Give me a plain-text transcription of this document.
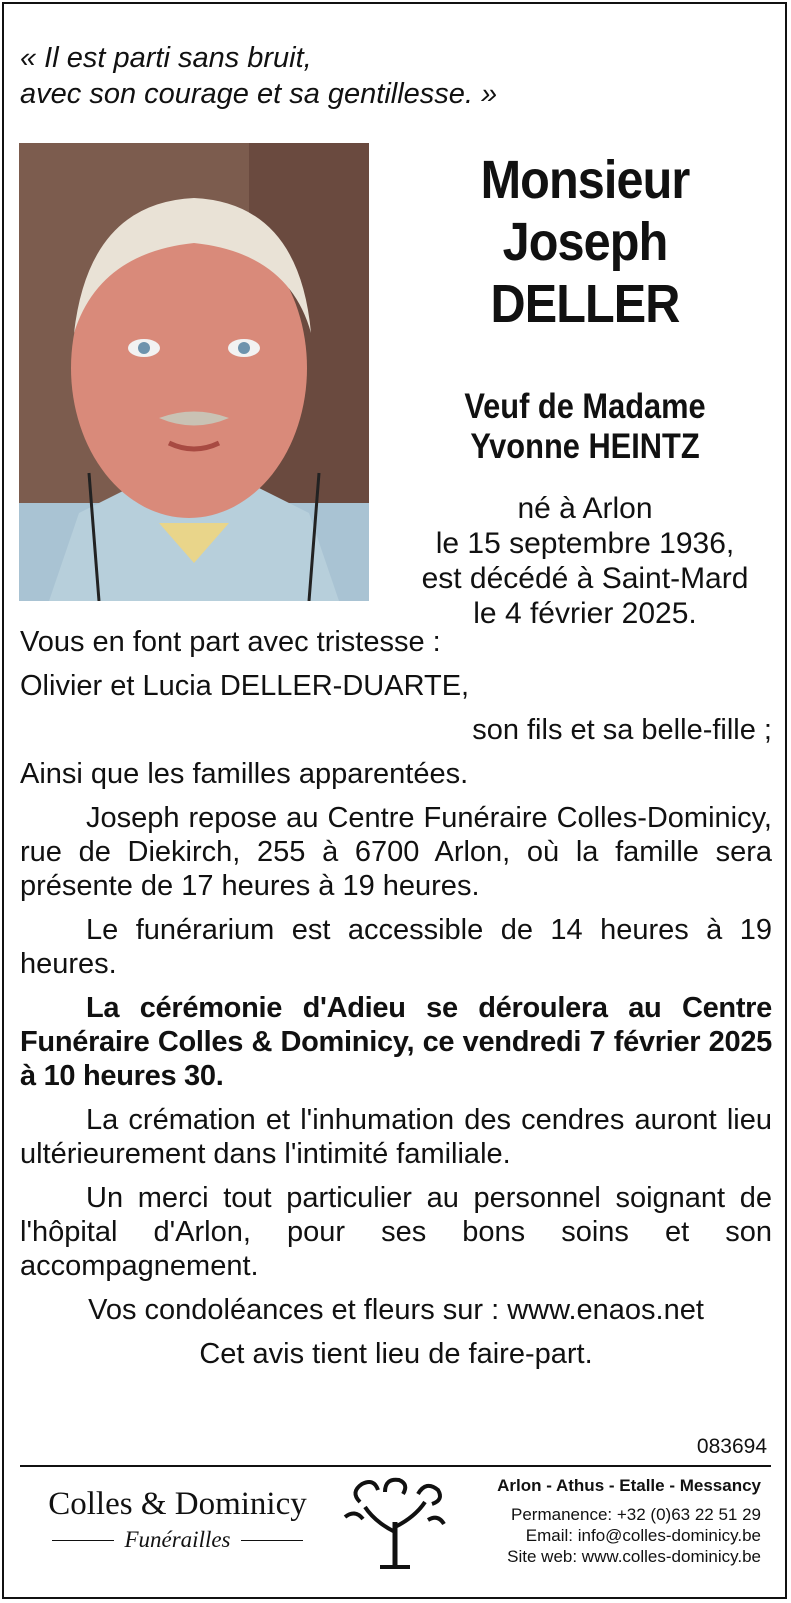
« Il est parti sans bruit,
avec son courage et sa gentillesse. »
Monsieur
Joseph DELLER
Veuf de Madame
Yvonne HEINTZ
né à Arlon
le 15 septembre 1936,
est décédé à Saint-Mard
le 4 février 2025.

Vous en font part avec tristesse :

Olivier et Lucia DELLER-DUARTE,

son fils et sa belle-fille ;

Ainsi que les familles apparentées.

Joseph repose au Centre Funéraire Colles-Dominicy, rue de Diekirch, 255 à 6700 Arlon, où la famille sera présente de 17 heures à 19 heures.

Le funérarium est accessible de 14 heures à 19 heures.

La cérémonie d'Adieu se déroulera au Centre Funéraire Colles & Dominicy, ce vendredi 7 février 2025 à 10 heures 30.

La crémation et l'inhumation des cendres auront lieu ultérieurement dans l'intimité familiale.

Un merci tout particulier au personnel soignant de l'hôpital d'Arlon, pour ses bons soins et son accompagnement.

Vos condoléances et fleurs sur : www.enaos.net

Cet avis tient lieu de faire-part.

083694
Colles & Dominicy
Funérailles
Arlon - Athus - Etalle - Messancy
Permanence: +32 (0)63 22 51 29
Email: info@colles-dominicy.be
Site web: www.colles-dominicy.be
